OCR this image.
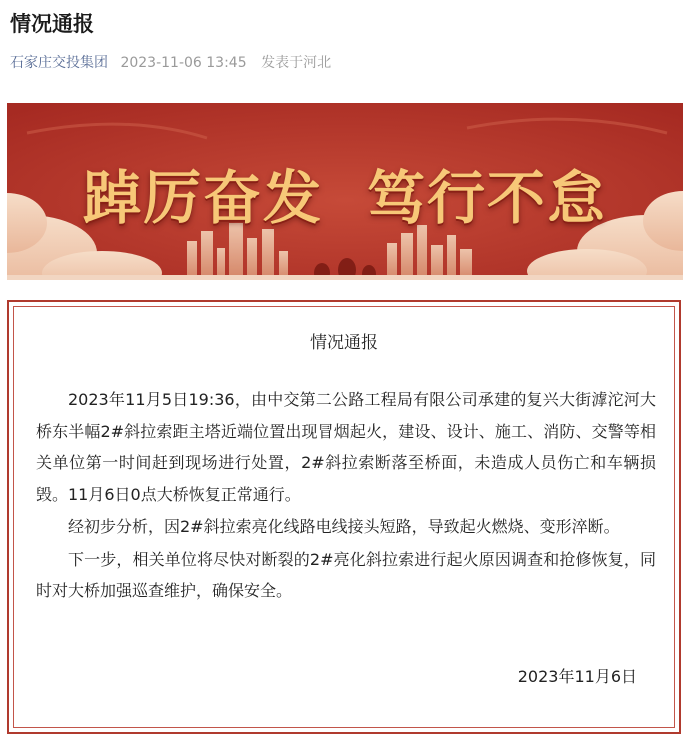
情况通报
石家庄交投集团 2023-11-06 13:45 发表于河北
踔厉奋发 笃行不怠
情况通报

2023年11月5日19:36，由中交第二公路工程局有限公司承建的复兴大街滹沱河大桥东半幅2#斜拉索距主塔近端位置出现冒烟起火，建设、设计、施工、消防、交警等相关单位第一时间赶到现场进行处置，2#斜拉索断落至桥面，未造成人员伤亡和车辆损毁。11月6日0点大桥恢复正常通行。

经初步分析，因2#斜拉索亮化线路电线接头短路，导致起火燃烧、变形淬断。

下一步，相关单位将尽快对断裂的2#亮化斜拉索进行起火原因调查和抢修恢复，同时对大桥加强巡查维护，确保安全。

2023年11月6日
